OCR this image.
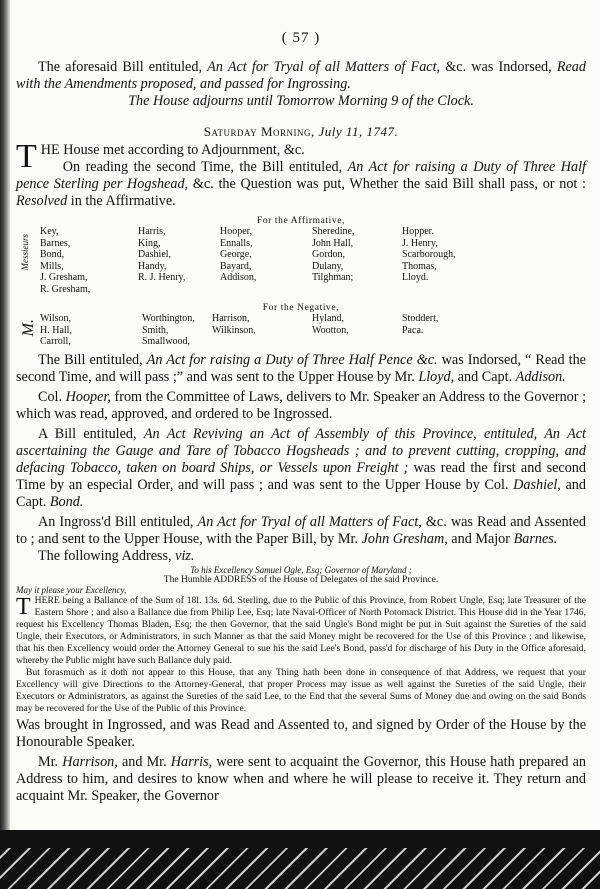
( 57 )

The aforesaid Bill entituled, An Act for Tryal of all Matters of Fact, &c. was Indorsed, Read with the Amendments proposed, and passed for Ingrossing.

The House adjourns until Tomorrow Morning 9 of the Clock.

Saturday Morning, July 11, 1747.

THE House met according to Adjournment, &c.

On reading the second Time, the Bill entituled, An Act for raising a Duty of Three Half pence Sterling per Hogshead, &c. the Question was put, Whether the said Bill shall pass, or not : Resolved in the Affirmative.

For the Affirmative,
Messieurs
Key,
Barnes,
Bond,
Mills,
J. Gresham,
R. Gresham,
Harris,
King,
Dashiel,
Handy,
R. J. Henry,
Hooper,
Ennalls,
George,
Bayard,
Addison,
Sheredine,
John Hall,
Gordon,
Dulany,
Tilghman;
Hopper.
J. Henry,
Scarborough,
Thomas,
Lloyd.
For the Negative,
M.
Wilson,
H. Hall,
Carroll,
Worthington,
Smith,
Smallwood,
Harrison,
Wilkinson,
Hyland,
Wootton,
Stoddert,
Paca.

The Bill entituled, An Act for raising a Duty of Three Half Pence &c. was Indorsed, “ Read the second Time, and will pass ;” and was sent to the Upper House by Mr. Lloyd, and Capt. Addison.

Col. Hooper, from the Committee of Laws, delivers to Mr. Speaker an Address to the Governor ; which was read, approved, and ordered to be Ingrossed.

A Bill entituled, An Act Reviving an Act of Assembly of this Province, entituled, An Act ascertaining the Gauge and Tare of Tobacco Hogsheads ; and to prevent cutting, cropping, and defacing Tobacco, taken on board Ships, or Vessels upon Freight ; was read the first and second Time by an especial Order, and will pass ; and was sent to the Upper House by Col. Dashiel, and Capt. Bond.

An Ingross'd Bill entituled, An Act for Tryal of all Matters of Fact, &c. was Read and Assented to ; and sent to the Upper House, with the Paper Bill, by Mr. John Gresham, and Major Barnes.

The following Address, viz.

To his Excellency Samuel Ogle, Esq; Governor of Maryland ;
The Humble ADDRESS of the House of Delegates of the said Province.
May it please your Excellency,

THERE being a Ballance of the Sum of 18l. 13s. 6d. Sterling, due to the Public of this Province, from Robert Ungle, Esq; late Treasurer of the Eastern Shore ; and also a Ballance due from Philip Lee, Esq; late Naval-Officer of North Potomack District. This House did in the Year 1746, request his Excellency Thomas Bladen, Esq; the then Governor, that the said Ungle's Bond might be put in Suit against the Sureties of the said Ungle, their Executors, or Administrators, in such Manner as that the said Money might be recovered for the Use of this Province ; and likewise, that his then Excellency would order the Attorney General to sue his the said Lee's Bond, pass'd for discharge of his Duty in the Office aforesaid, whereby the Public might have such Ballance duly paid.

But forasmuch as it doth not appear to this House, that any Thing hath been done in consequence of that Address, we request that your Excellency will give Directions to the Attorney-General, that proper Process may issue as well against the Sureties of the said Ungle, their Executors or Administrators, as against the Sureties of the said Lee, to the End that the several Sums of Money due and owing on the said Bonds may be recovered for the Use of the Public of this Province.

Was brought in Ingrossed, and was Read and Assented to, and signed by Order of the House by the Honourable Speaker.

Mr. Harrison, and Mr. Harris, were sent to acquaint the Governor, this House hath prepared an Address to him, and desires to know when and where he will please to receive it. They return and acquaint Mr. Speaker, the Governor
